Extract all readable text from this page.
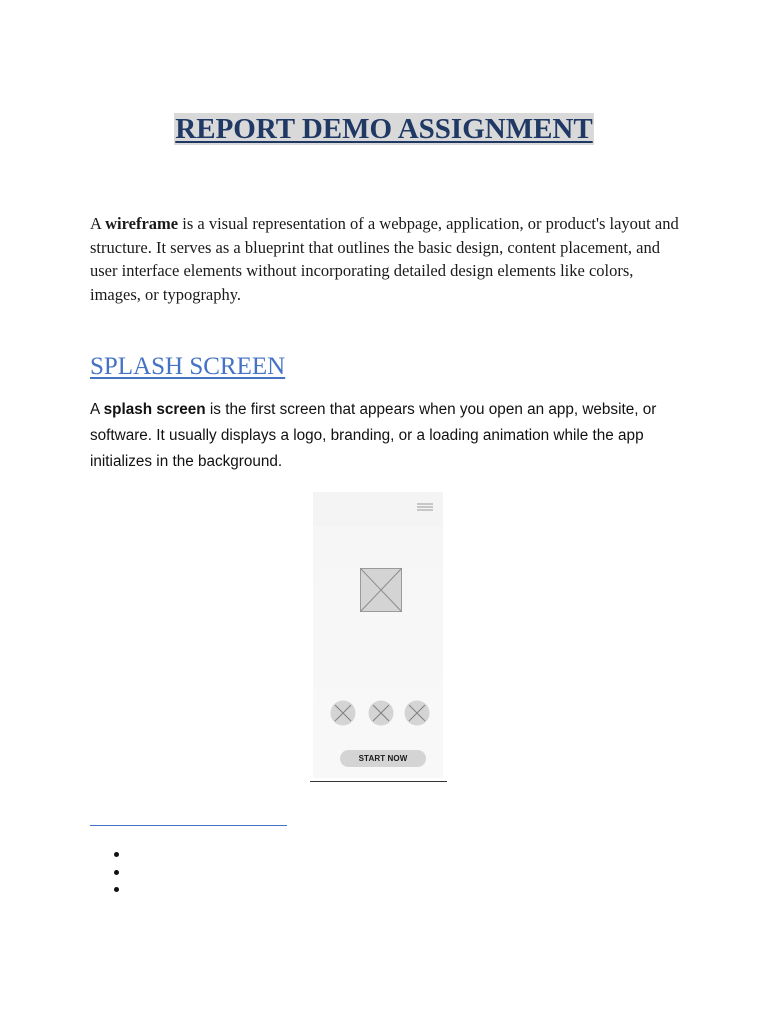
REPORT DEMO ASSIGNMENT

A wireframe is a visual representation of a webpage, application, or product's layout and structure. It serves as a blueprint that outlines the basic design, content placement, and user interface elements without incorporating detailed design elements like colors, images, or typography.

SPLASH SCREEN

A splash screen is the first screen that appears when you open an app, website, or software. It usually displays a logo, branding, or a loading animation while the app initializes in the background.

START NOW
